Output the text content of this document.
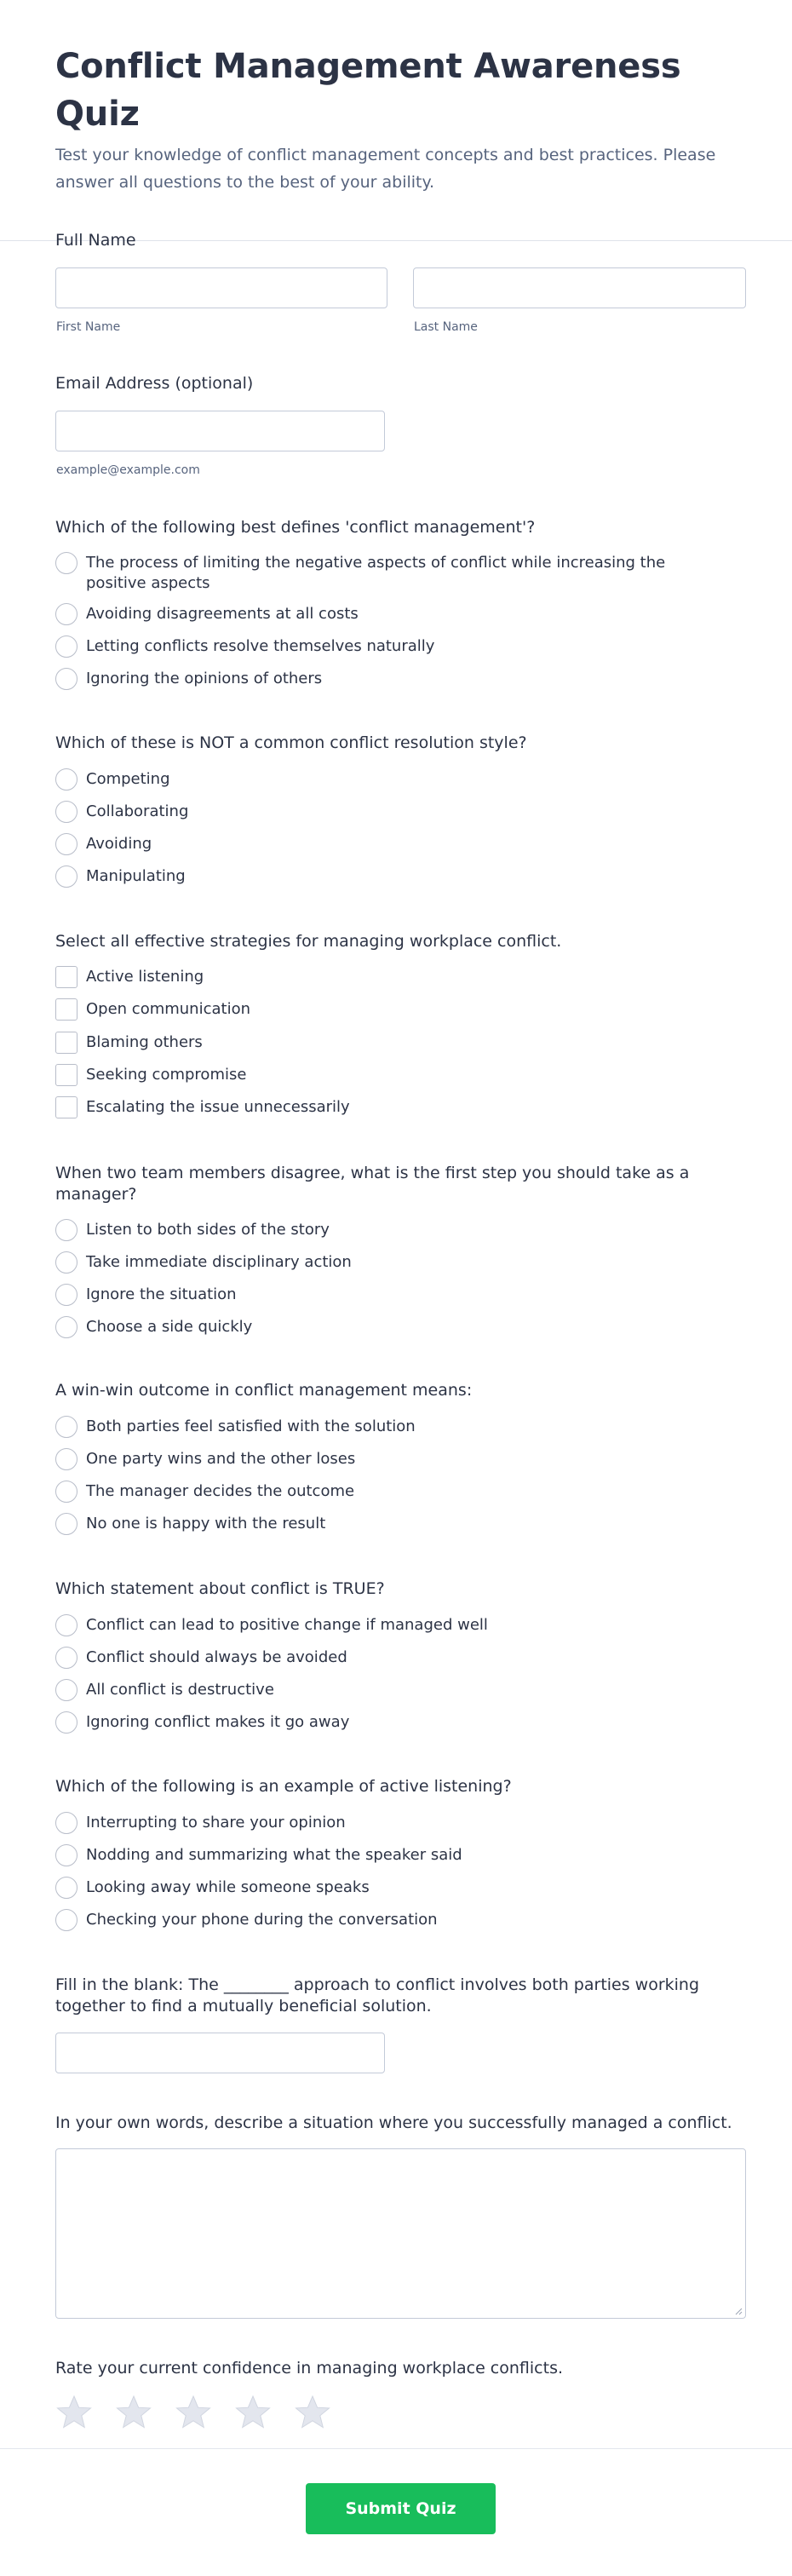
Conflict Management Awareness Quiz

Test your knowledge of conflict management concepts and best practices. Please answer all questions to the best of your ability.

Full Name
First Name	Last Name
Email Address (optional)
example@example.com
Which of the following best defines 'conflict management'?
The process of limiting the negative aspects of conflict while increasing the positive aspects
Avoiding disagreements at all costs
Letting conflicts resolve themselves naturally
Ignoring the opinions of others
Which of these is NOT a common conflict resolution style?
Competing
Collaborating
Avoiding
Manipulating
Select all effective strategies for managing workplace conflict.
Active listening
Open communication
Blaming others
Seeking compromise
Escalating the issue unnecessarily
When two team members disagree, what is the first step you should take as a manager?
Listen to both sides of the story
Take immediate disciplinary action
Ignore the situation
Choose a side quickly
A win-win outcome in conflict management means:
Both parties feel satisfied with the solution
One party wins and the other loses
The manager decides the outcome
No one is happy with the result
Which statement about conflict is TRUE?
Conflict can lead to positive change if managed well
Conflict should always be avoided
All conflict is destructive
Ignoring conflict makes it go away
Which of the following is an example of active listening?
Interrupting to share your opinion
Nodding and summarizing what the speaker said
Looking away while someone speaks
Checking your phone during the conversation
Fill in the blank: The ________ approach to conflict involves both parties working together to find a mutually beneficial solution.
In your own words, describe a situation where you successfully managed a conflict.
Rate your current confidence in managing workplace conflicts.
Submit Quiz
